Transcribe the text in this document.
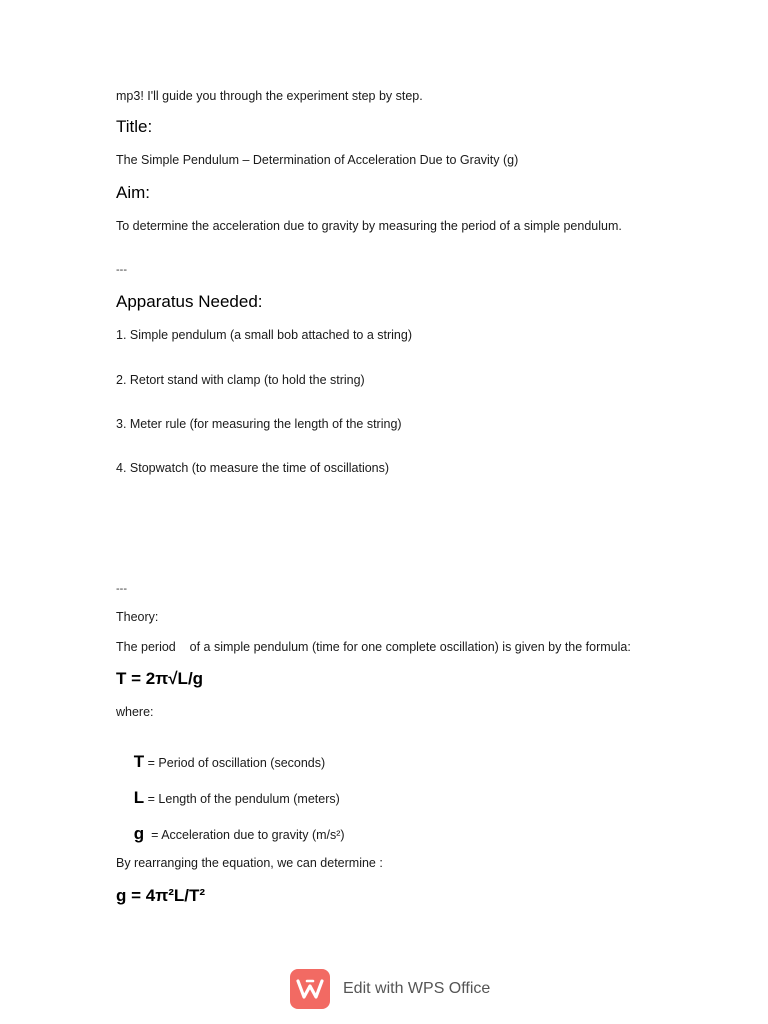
mp3! I'll guide you through the experiment step by step.

Title:

The Simple Pendulum – Determination of Acceleration Due to Gravity (g)

Aim:

To determine the acceleration due to gravity by measuring the period of a simple pendulum.

---

Apparatus Needed:

1. Simple pendulum (a small bob attached to a string)

2. Retort stand with clamp (to hold the string)

3. Meter rule (for measuring the length of the string)

4. Stopwatch (to measure the time of oscillations)

---

Theory:

The period    of a simple pendulum (time for one complete oscillation) is given by the formula:

T = 2π√L/g

where:

T = Period of oscillation (seconds)

L = Length of the pendulum (meters)

g  = Acceleration due to gravity (m/s²)

By rearranging the equation, we can determine :

g = 4π²L/T²

Edit with WPS Office
